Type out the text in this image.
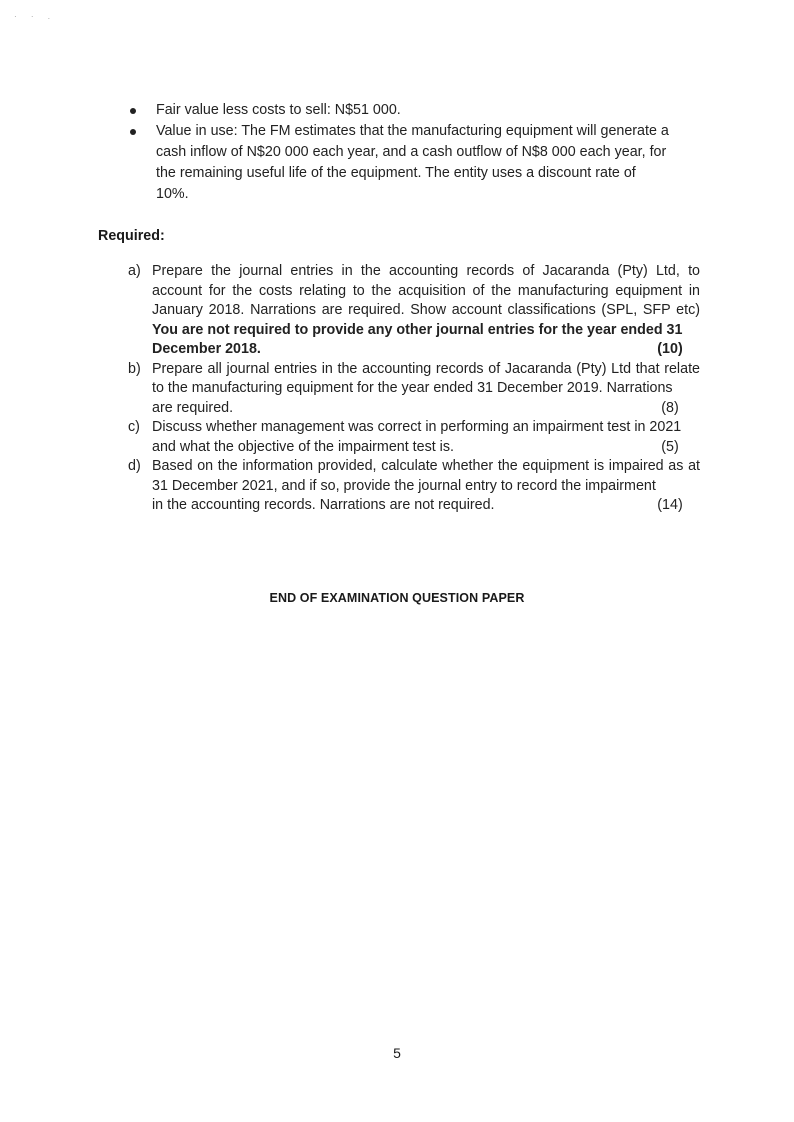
· · .
Fair value less costs to sell: N$51 000.
Value in use: The FM estimates that the manufacturing equipment will generate a cash inflow of N$20 000 each year, and a cash outflow of N$8 000 each year, for the remaining useful life of the equipment. The entity uses a discount rate of 10%.
Required:
a) Prepare the journal entries in the accounting records of Jacaranda (Pty) Ltd, to account for the costs relating to the acquisition of the manufacturing equipment in January 2018. Narrations are required. Show account classifications (SPL, SFP etc) You are not required to provide any other journal entries for the year ended 31
December 2018.	(10)
b) Prepare all journal entries in the accounting records of Jacaranda (Pty) Ltd that relate to the manufacturing equipment for the year ended 31 December 2019. Narrations
are required.	(8)
c) Discuss whether management was correct in performing an impairment test in 2021
and what the objective of the impairment test is.	(5)
d) Based on the information provided, calculate whether the equipment is impaired as at 31 December 2021, and if so, provide the journal entry to record the impairment
in the accounting records. Narrations are not required.	(14)
END OF EXAMINATION QUESTION PAPER
5
